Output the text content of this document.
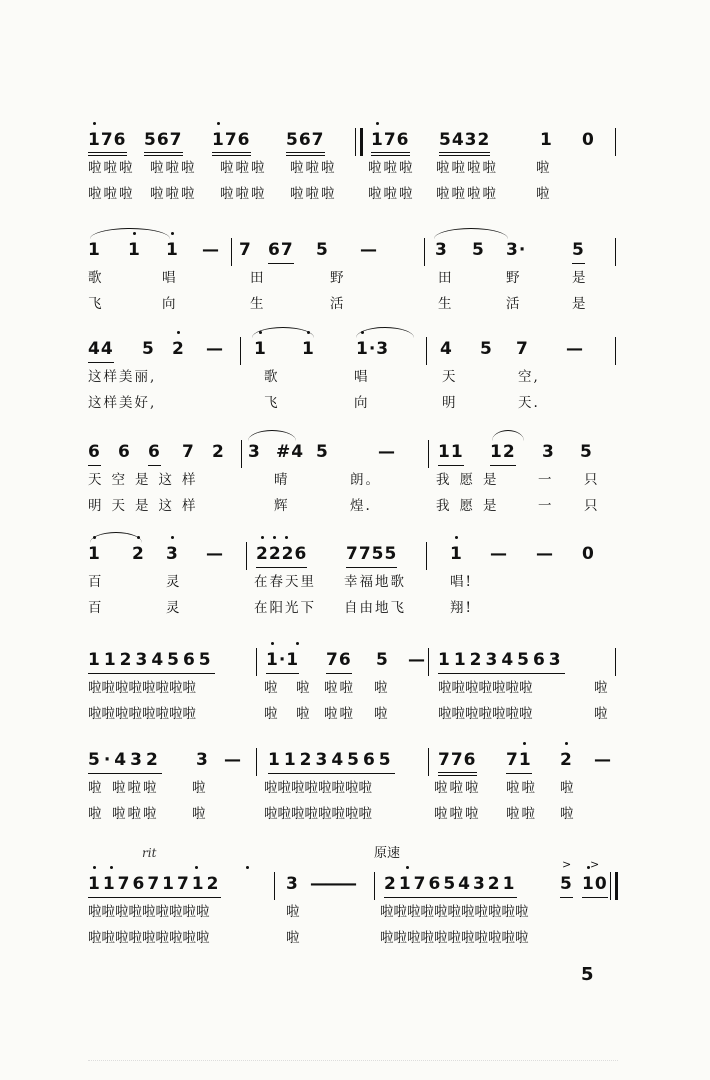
176 567 176 567	176 5432	1 0
啦啦啦 啦啦啦 啦啦啦 啦啦啦 啦啦啦 啦啦啦啦	啦
啦啦啦 啦啦啦 啦啦啦 啦啦啦 啦啦啦 啦啦啦啦	啦
1 1 1 — 7 67 5 —	3 5 3·	5
歌	唱	田	野	田	野	是
飞	向	生	活	生	活	是
44 5 2 — 1 1 1·3	4 5 7 —
这样美丽,	歌	唱	天	空,
这样美好,	飞	向	明	天.
6 6 6 7 2 3 #4 5	— 11 12 3 5
天空是这样	晴	朗。	我愿是 一 只
明天是这样	辉	煌.	我愿是 一 只
1 2 3 — 2226 7755	1 — — 0
百	灵	在春天里 幸福地歌	唱!
百	灵	在阳光下 自由地飞	翔!
11234565	1·1 76 5 — 11234563
啦啦啦啦啦啦啦啦	啦 啦 啦啦 啦	啦啦啦啦啦啦啦	啦
啦啦啦啦啦啦啦啦	啦 啦 啦啦 啦	啦啦啦啦啦啦啦	啦
5·432 3 — 11234565	776 71 2 —
啦 啦啦啦 啦	啦啦啦啦啦啦啦啦	啦啦啦 啦啦 啦
啦 啦啦啦 啦	啦啦啦啦啦啦啦啦	啦啦啦 啦啦 啦
rit	原速
> >
117671712	3 ——— 217654321	5 10
啦啦啦啦啦啦啦啦啦	啦	啦啦啦啦啦啦啦啦啦啦啦
啦啦啦啦啦啦啦啦啦	啦	啦啦啦啦啦啦啦啦啦啦啦
5
